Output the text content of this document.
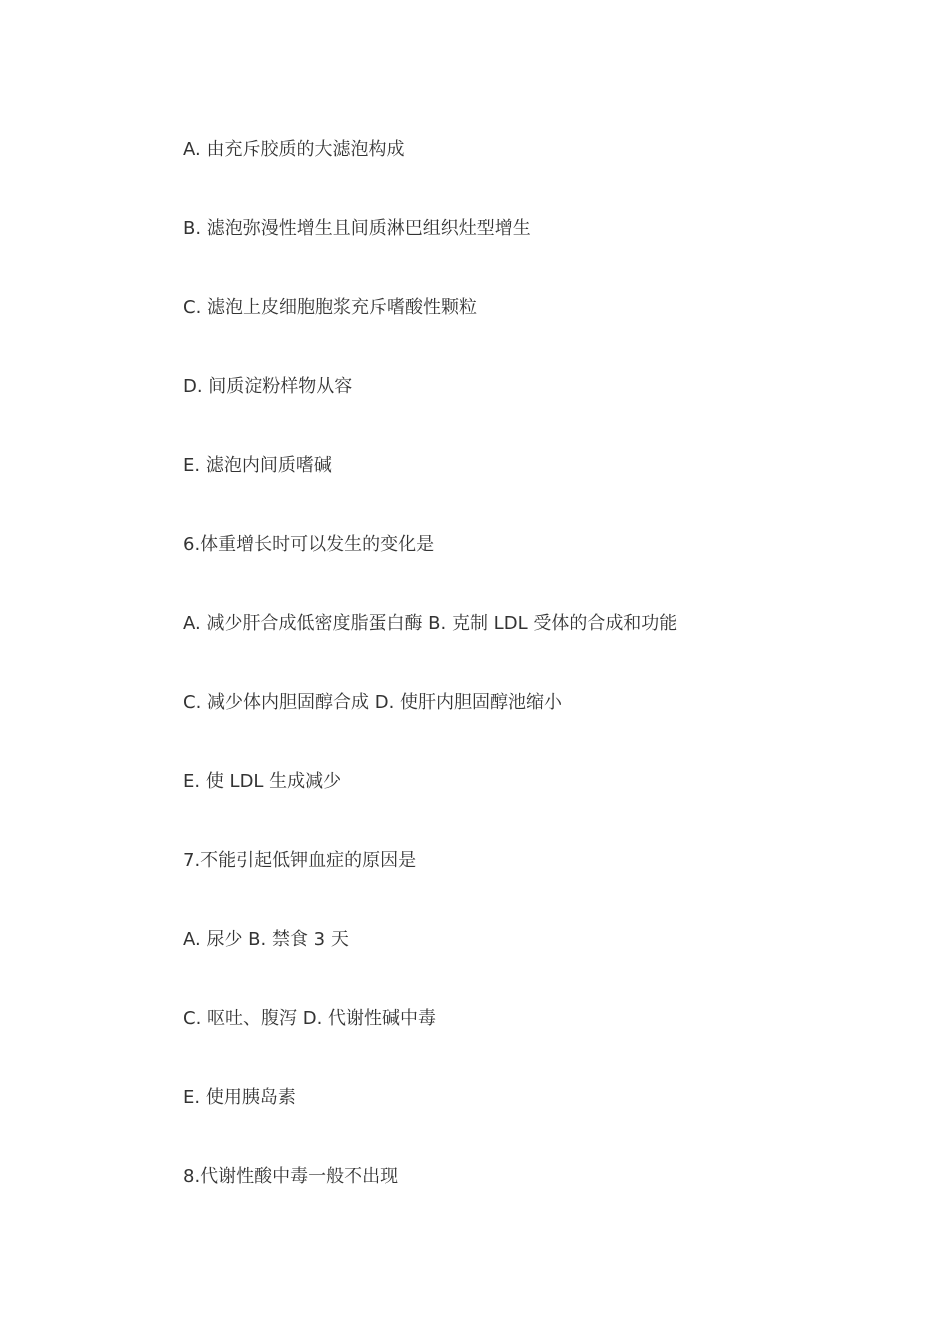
A. 由充斥胶质的大滤泡构成
B. 滤泡弥漫性增生且间质淋巴组织灶型增生
C. 滤泡上皮细胞胞浆充斥嗜酸性颗粒
D. 间质淀粉样物从容
E. 滤泡内间质嗜碱
6.体重增长时可以发生的变化是
A. 减少肝合成低密度脂蛋白酶 B. 克制 LDL 受体的合成和功能
C. 减少体内胆固醇合成 D. 使肝内胆固醇池缩小
E. 使 LDL 生成减少
7.不能引起低钾血症的原因是
A. 尿少 B. 禁食 3 天
C. 呕吐、腹泻 D. 代谢性碱中毒
E. 使用胰岛素
8.代谢性酸中毒一般不出现
